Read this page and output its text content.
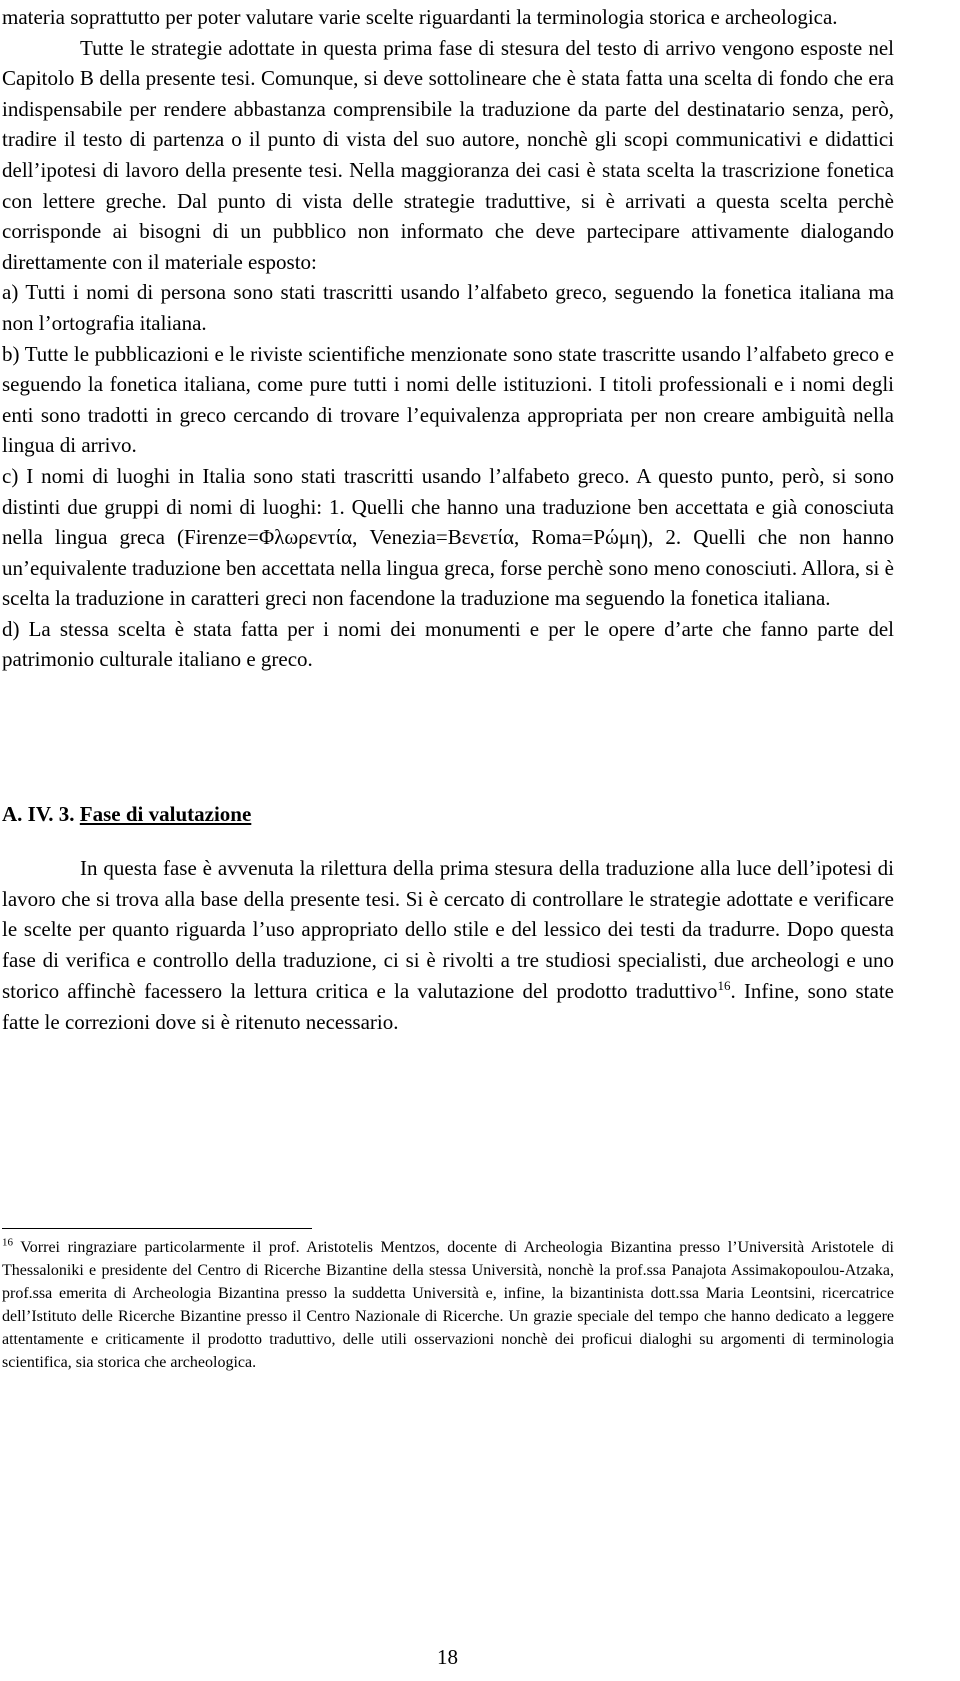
materia soprattutto per poter valutare varie scelte riguardanti la terminologia storica e archeologica.

Tutte le strategie adottate in questa prima fase di stesura del testo di arrivo vengono esposte nel Capitolo B della presente tesi. Comunque, si deve sottolineare che è stata fatta una scelta di fondo che era indispensabile per rendere abbastanza comprensibile la traduzione da parte del destinatario senza, però, tradire il testo di partenza o il punto di vista del suo autore, nonchè gli scopi communicativi e didattici dell’ipotesi di lavoro della presente tesi. Nella maggioranza dei casi è stata scelta la trascrizione fonetica con lettere greche. Dal punto di vista delle strategie traduttive, si è arrivati a questa scelta perchè corrisponde ai bisogni di un pubblico non informato che deve partecipare attivamente dialogando direttamente con il materiale esposto:

a) Tutti i nomi di persona sono stati trascritti usando l’alfabeto greco, seguendo la fonetica italiana ma non l’ortografia italiana.

b) Tutte le pubblicazioni e le riviste scientifiche menzionate sono state trascritte usando l’alfabeto greco e seguendo la fonetica italiana, come pure tutti i nomi delle istituzioni. I titoli professionali e i nomi degli enti sono tradotti in greco cercando di trovare l’equivalenza appropriata per non creare ambiguità nella lingua di arrivo.

c) I nomi di luoghi in Italia sono stati trascritti usando l’alfabeto greco. A questo punto, però, si sono distinti due gruppi di nomi di luoghi: 1. Quelli che hanno una traduzione ben accettata e già conosciuta nella lingua greca (Firenze=Φλωρεντία, Venezia=Βενετία, Roma=Ρώμη), 2. Quelli che non hanno un’equivalente traduzione ben accettata nella lingua greca, forse perchè sono meno conosciuti. Allora, si è scelta la traduzione in caratteri greci non facendone la traduzione ma seguendo la fonetica italiana.

d) La stessa scelta è stata fatta per i nomi dei monumenti e per le opere d’arte che fanno parte del patrimonio culturale italiano e greco.

A. IV. 3. Fase di valutazione

In questa fase è avvenuta la rilettura della prima stesura della traduzione alla luce dell’ipotesi di lavoro che si trova alla base della presente tesi. Si è cercato di controllare le strategie adottate e verificare le scelte per quanto riguarda l’uso appropriato dello stile e del lessico dei testi da tradurre. Dopo questa fase di verifica e controllo della traduzione, ci si è rivolti a tre studiosi specialisti, due archeologi e uno storico affinchè facessero la lettura critica e la valutazione del prodotto traduttivo$^{16}$. Infine, sono state fatte le correzioni dove si è ritenuto necessario.

$^{16}$ Vorrei ringraziare particolarmente il prof. Aristotelis Mentzos, docente di Archeologia Bizantina presso l’Università Aristotele di Thessaloniki e presidente del Centro di Ricerche Bizantine della stessa Università, nonchè la prof.ssa Panajota Assimakopoulou-Atzaka, prof.ssa emerita di Archeologia Bizantina presso la suddetta Università e, infine, la bizantinista dott.ssa Maria Leontsini, ricercatrice dell’Istituto delle Ricerche Bizantine presso il Centro Nazionale di Ricerche. Un grazie speciale del tempo che hanno dedicato a leggere attentamente e criticamente il prodotto traduttivo, delle utili osservazioni nonchè dei proficui dialoghi su argomenti di terminologia scientifica, sia storica che archeologica.

18
